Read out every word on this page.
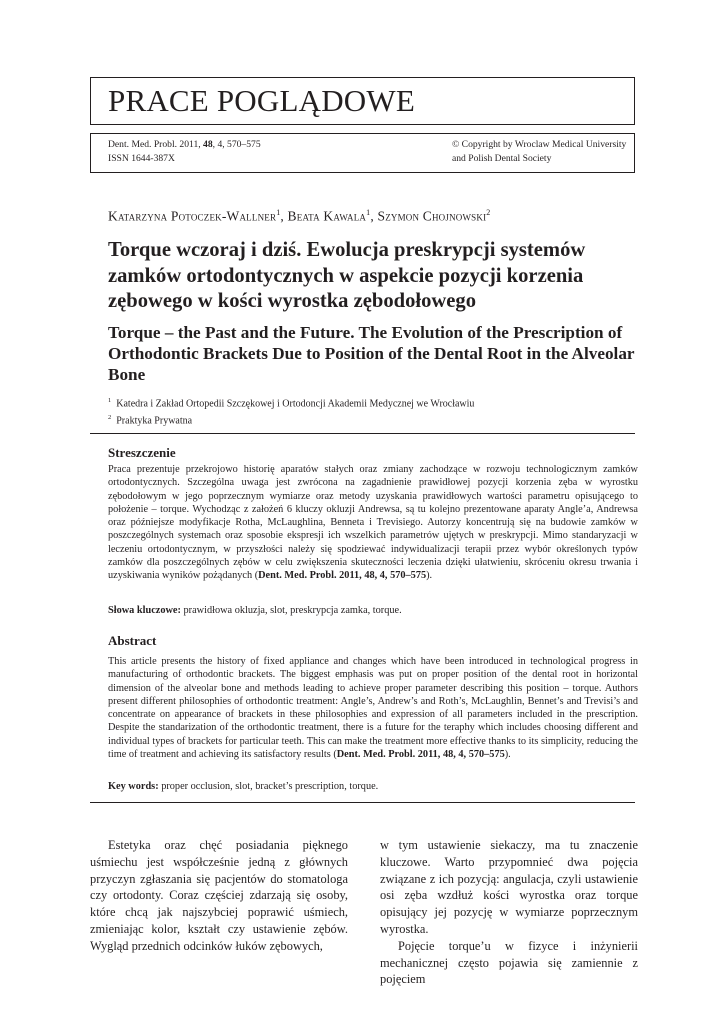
PRACE POGLĄDOWE
Dent. Med. Probl. 2011, 48, 4, 570–575
ISSN 1644-387X
© Copyright by Wroclaw Medical University
and Polish Dental Society
Katarzyna Potoczek-Wallner$^1$, Beata Kawala$^1$, Szymon Chojnowski$^2$
Torque wczoraj i dziś. Ewolucja preskrypcji systemów zamków ortodontycznych w aspekcie pozycji korzenia zębowego w kości wyrostka zębodołowego
Torque – the Past and the Future. The Evolution of the Prescription of Orthodontic Brackets Due to Position of the Dental Root in the Alveolar Bone
$^1$ Katedra i Zakład Ortopedii Szczękowej i Ortodoncji Akademii Medycznej we Wrocławiu
$^2$ Praktyka Prywatna
Streszczenie
Praca prezentuje przekrojowo historię aparatów stałych oraz zmiany zachodzące w rozwoju technologicznym zamków ortodontycznych. Szczególna uwaga jest zwrócona na zagadnienie prawidłowej pozycji korzenia zęba w wyrostku zębodołowym w jego poprzecznym wymiarze oraz metody uzyskania prawidłowych wartości parametru opisującego to położenie – torque. Wychodząc z założeń 6 kluczy okluzji Andrewsa, są tu kolejno prezentowane aparaty Angle’a, Andrewsa oraz późniejsze modyfikacje Rotha, McLaughlina, Benneta i Trevisiego. Autorzy koncentrują się na budowie zamków w poszczególnych systemach oraz sposobie ekspresji ich wszelkich parametrów ujętych w preskrypcji. Mimo standaryzacji w leczeniu ortodontycznym, w przyszłości należy się spodziewać indywidualizacji terapii przez wybór określonych typów zamków dla poszczególnych zębów w celu zwiększenia skuteczności leczenia dzięki ułatwieniu, skróceniu okresu trwania i uzyskiwania wyników pożądanych (Dent. Med. Probl. 2011, 48, 4, 570–575).
Słowa kluczowe: prawidłowa okluzja, slot, preskrypcja zamka, torque.
Abstract
This article presents the history of fixed appliance and changes which have been introduced in technological progress in manufacturing of orthodontic brackets. The biggest emphasis was put on proper position of the dental root in horizontal dimension of the alveolar bone and methods leading to achieve proper parameter describing this position – torque. Authors present different philosophies of orthodontic treatment: Angle’s, Andrew’s and Roth’s, McLaughlin, Bennet’s and Trevisi’s and concentrate on appearance of brackets in these philosophies and expression of all parameters included in the prescription. Despite the standarization of the orthodontic treatment, there is a future for the teraphy which includes choosing different and individual types of brackets for particular teeth. This can make the treatment more effective thanks to its simplicity, reducing the time of treatment and achieving its satisfactory results (Dent. Med. Probl. 2011, 48, 4, 570–575).
Key words: proper occlusion, slot, bracket’s prescription, torque.
Estetyka oraz chęć posiadania pięknego uśmiechu jest współcześnie jedną z głównych przyczyn zgłaszania się pacjentów do stomatologa czy ortodonty. Coraz częściej zdarzają się osoby, które chcą jak najszybciej poprawić uśmiech, zmieniając kolor, kształt czy ustawienie zębów. Wygląd przednich odcinków łuków zębowych,
w tym ustawienie siekaczy, ma tu znaczenie kluczowe. Warto przypomnieć dwa pojęcia związane z ich pozycją: angulacja, czyli ustawienie osi zęba wzdłuż kości wyrostka oraz torque opisujący jej pozycję w wymiarze poprzecznym wyrostka.
Pojęcie torque’u w fizyce i inżynierii mechanicznej często pojawia się zamiennie z pojęciem
